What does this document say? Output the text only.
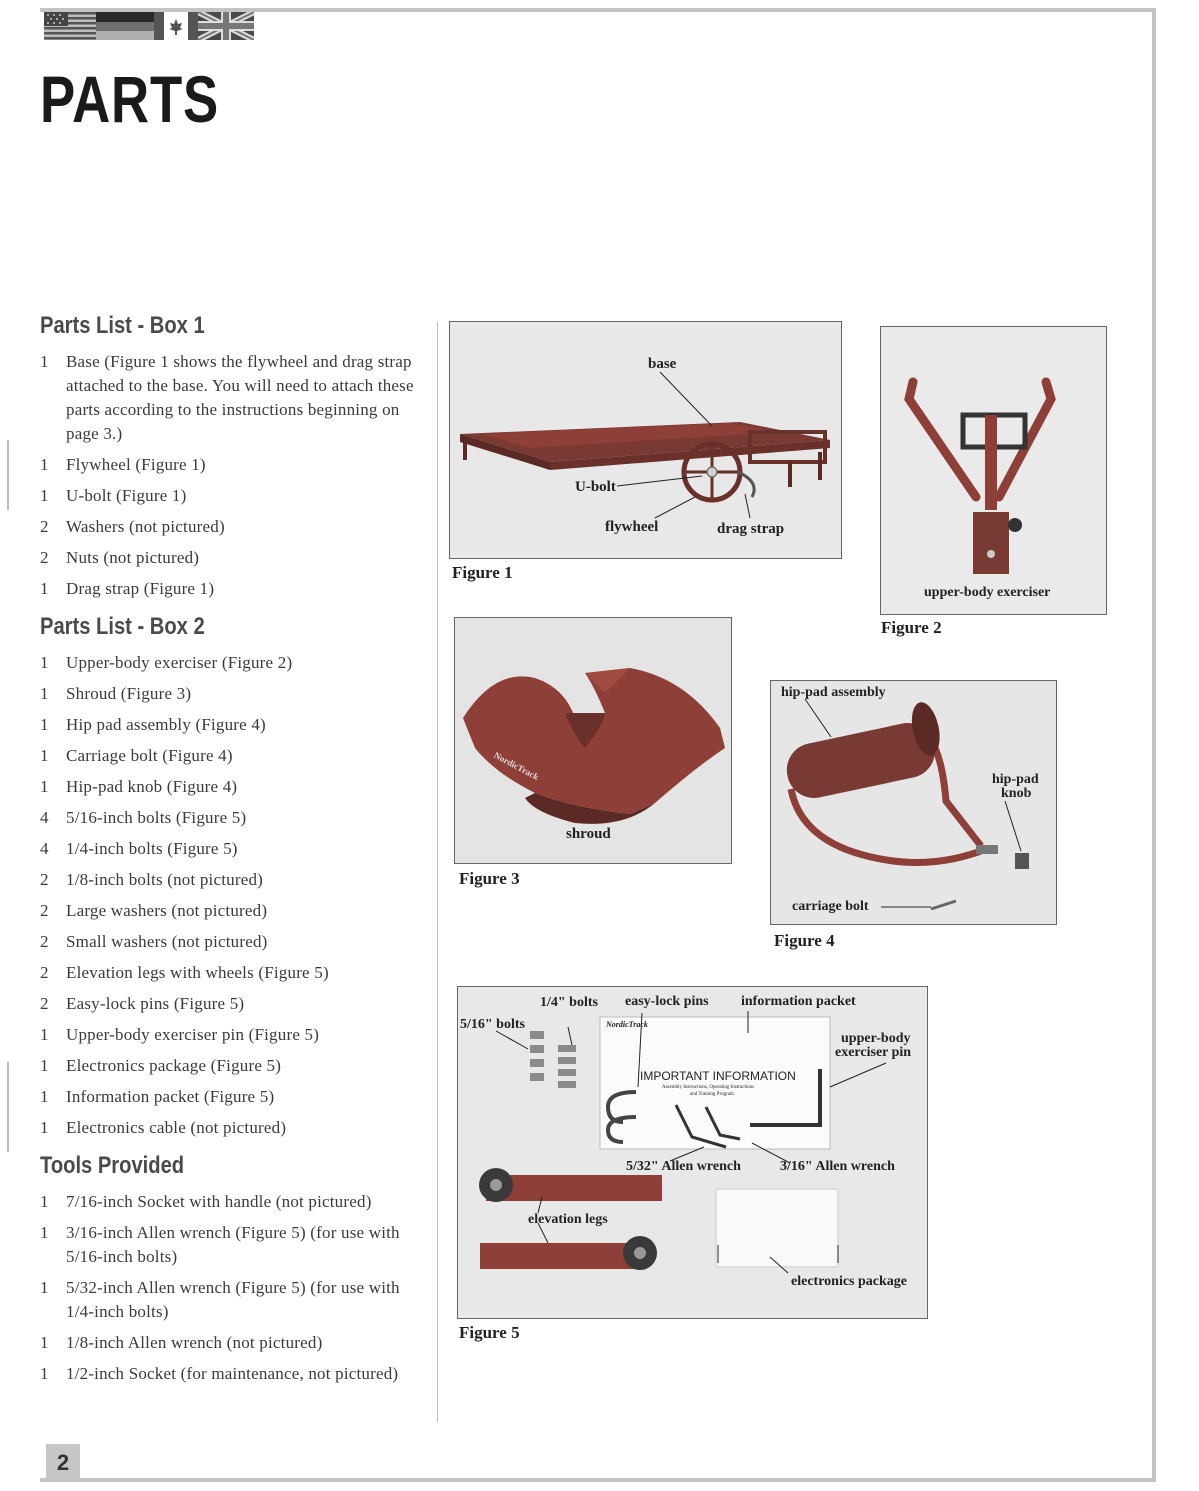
PARTS
Parts List - Box 1
1	Base (Figure 1 shows the flywheel and drag strap attached to the base. You will need to attach these parts according to the instructions beginning on page 3.)
1	Flywheel (Figure 1)
1	U-bolt (Figure 1)
2	Washers (not pictured)
2	Nuts (not pictured)
1	Drag strap (Figure 1)
Parts List - Box 2
1	Upper-body exerciser (Figure 2)
1	Shroud (Figure 3)
1	Hip pad assembly (Figure 4)
1	Carriage bolt (Figure 4)
1	Hip-pad knob (Figure 4)
4	5/16-inch bolts (Figure 5)
4	1/4-inch bolts (Figure 5)
2	1/8-inch bolts (not pictured)
2	Large washers (not pictured)
2	Small washers (not pictured)
2	Elevation legs with wheels (Figure 5)
2	Easy-lock pins (Figure 5)
1	Upper-body exerciser pin (Figure 5)
1	Electronics package (Figure 5)
1	Information packet (Figure 5)
1	Electronics cable (not pictured)
Tools Provided
1	7/16-inch Socket with handle (not pictured)
1	3/16-inch Allen wrench (Figure 5) (for use with 5/16-inch bolts)
1	5/32-inch Allen wrench (Figure 5) (for use with 1/4-inch bolts)
1	1/8-inch Allen wrench (not pictured)
1	1/2-inch Socket (for maintenance, not pictured)
base
U-bolt
flywheel	drag strap
Figure 1
upper-body exerciser
Figure 2
NordicTrack
shroud
Figure 3
hip-pad assembly
hip-pad
knob
carriage bolt
Figure 4
NordicTrack
IMPORTANT INFORMATION
Assembly Instructions, Operating Instructions
and Training Program
1/4" bolts
5/16" bolts
easy-lock pins information packet
upper-body
exerciser pin
5/32" Allen wrench	3/16" Allen wrench
elevation legs
electronics package
Figure 5
2
